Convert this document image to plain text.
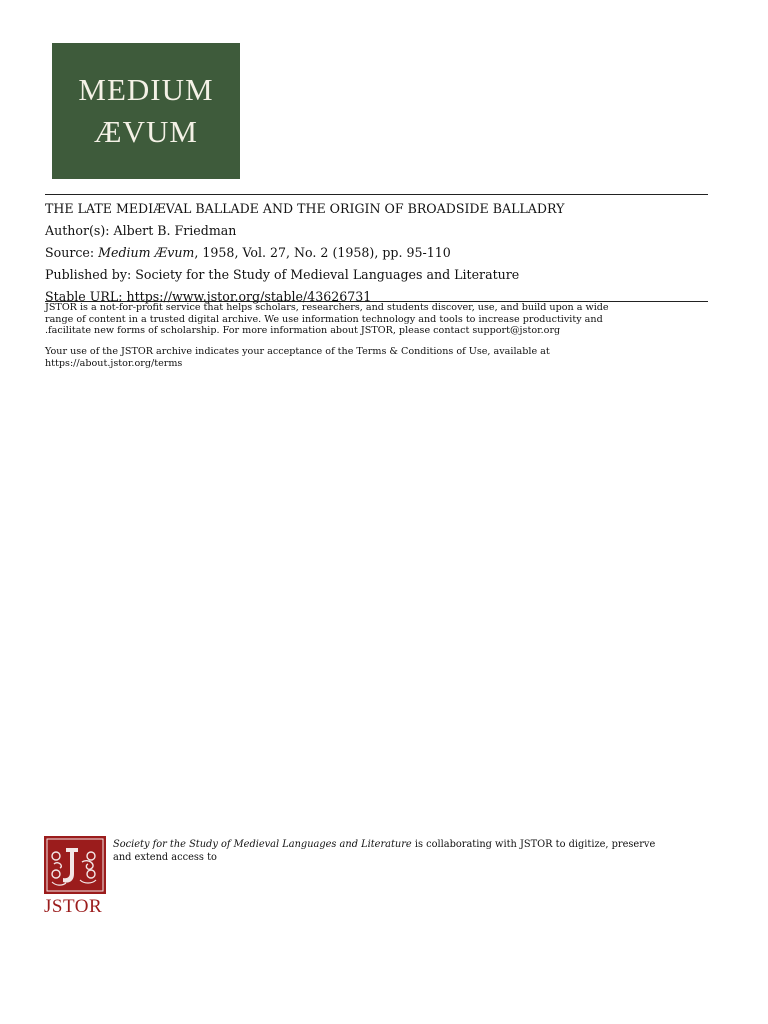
MEDIUM
ÆVUM
THE LATE MEDIÆVAL BALLADE AND THE ORIGIN OF BROADSIDE BALLADRY
Author(s): Albert B. Friedman
Source: Medium Ævum, 1958, Vol. 27, No. 2 (1958), pp. 95-110
Published by: Society for the Study of Medieval Languages and Literature
Stable URL: https://www.jstor.org/stable/43626731
JSTOR is a not-for-profit service that helps scholars, researchers, and students discover, use, and build upon a wide
range of content in a trusted digital archive. We use information technology and tools to increase productivity and
.facilitate new forms of scholarship. For more information about JSTOR, please contact support@jstor.org
Your use of the JSTOR archive indicates your acceptance of the Terms & Conditions of Use, available at
https://about.jstor.org/terms
JSTOR
Society for the Study of Medieval Languages and Literature is collaborating with JSTOR to digitize, preserve
and extend access to
